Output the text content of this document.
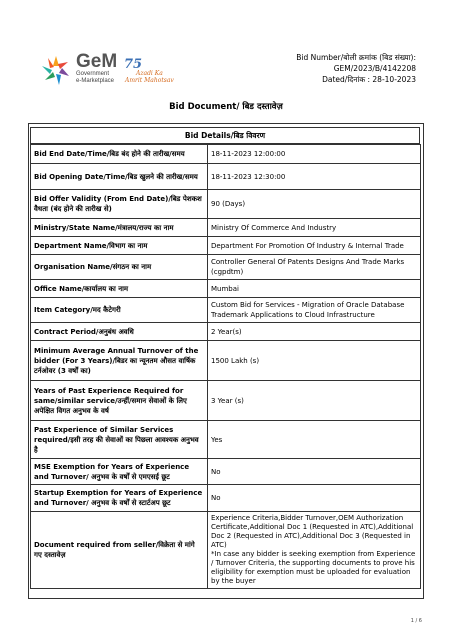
GeM
Government
e-Marketplace
75
Azadi Ka
Amrit Mahotsav
Bid Number/बोली क्रमांक (बिड संख्या):
GEM/2023/B/4142208
Dated/दिनांक : 28-10-2023
Bid Document/ बिड दस्तावेज़
Bid Details/बिड विवरण
Bid End Date/Time/बिड बंद होने की तारीख/समय	18-11-2023 12:00:00
Bid Opening Date/Time/बिड खुलने की तारीख/समय	18-11-2023 12:30:00
Bid Offer Validity (From End Date)/बिड पेशकश वैधता (बंद होने की तारीख से)	90 (Days)
Ministry/State Name/मंत्रालय/राज्य का नाम	Ministry Of Commerce And Industry
Department Name/विभाग का नाम	Department For Promotion Of Industry & Internal Trade
Organisation Name/संगठन का नाम	Controller General Of Patents Designs And Trade Marks (cgpdtm)
Office Name/कार्यालय का नाम	Mumbai
Item Category/मद कैटेगरी	Custom Bid for Services - Migration of Oracle Database Trademark Applications to Cloud Infrastructure
Contract Period/अनुबंध अवधि	2 Year(s)
Minimum Average Annual Turnover of the bidder (For 3 Years)/बिडर का न्यूनतम औसत वार्षिक टर्नओवर (3 वर्षों का)	1500 Lakh (s)
Years of Past Experience Required for same/similar service/उन्हीं/समान सेवाओं के लिए अपेक्षित विगत अनुभव के वर्ष	3 Year (s)
Past Experience of Similar Services required/इसी तरह की सेवाओं का पिछला आवश्यक अनुभव है	Yes
MSE Exemption for Years of Experience and Turnover/ अनुभव के वर्षों से एमएसई छूट	No
Startup Exemption for Years of Experience and Turnover/ अनुभव के वर्षों से स्टार्टअप छूट	No
Document required from seller/विक्रेता से मांगे गए दस्तावेज़	Experience Criteria,Bidder Turnover,OEM Authorization Certificate,Additional Doc 1 (Requested in ATC),Additional Doc 2 (Requested in ATC),Additional Doc 3 (Requested in ATC)
*In case any bidder is seeking exemption from Experience / Turnover Criteria, the supporting documents to prove his eligibility for exemption must be uploaded for evaluation by the buyer
1 / 6
